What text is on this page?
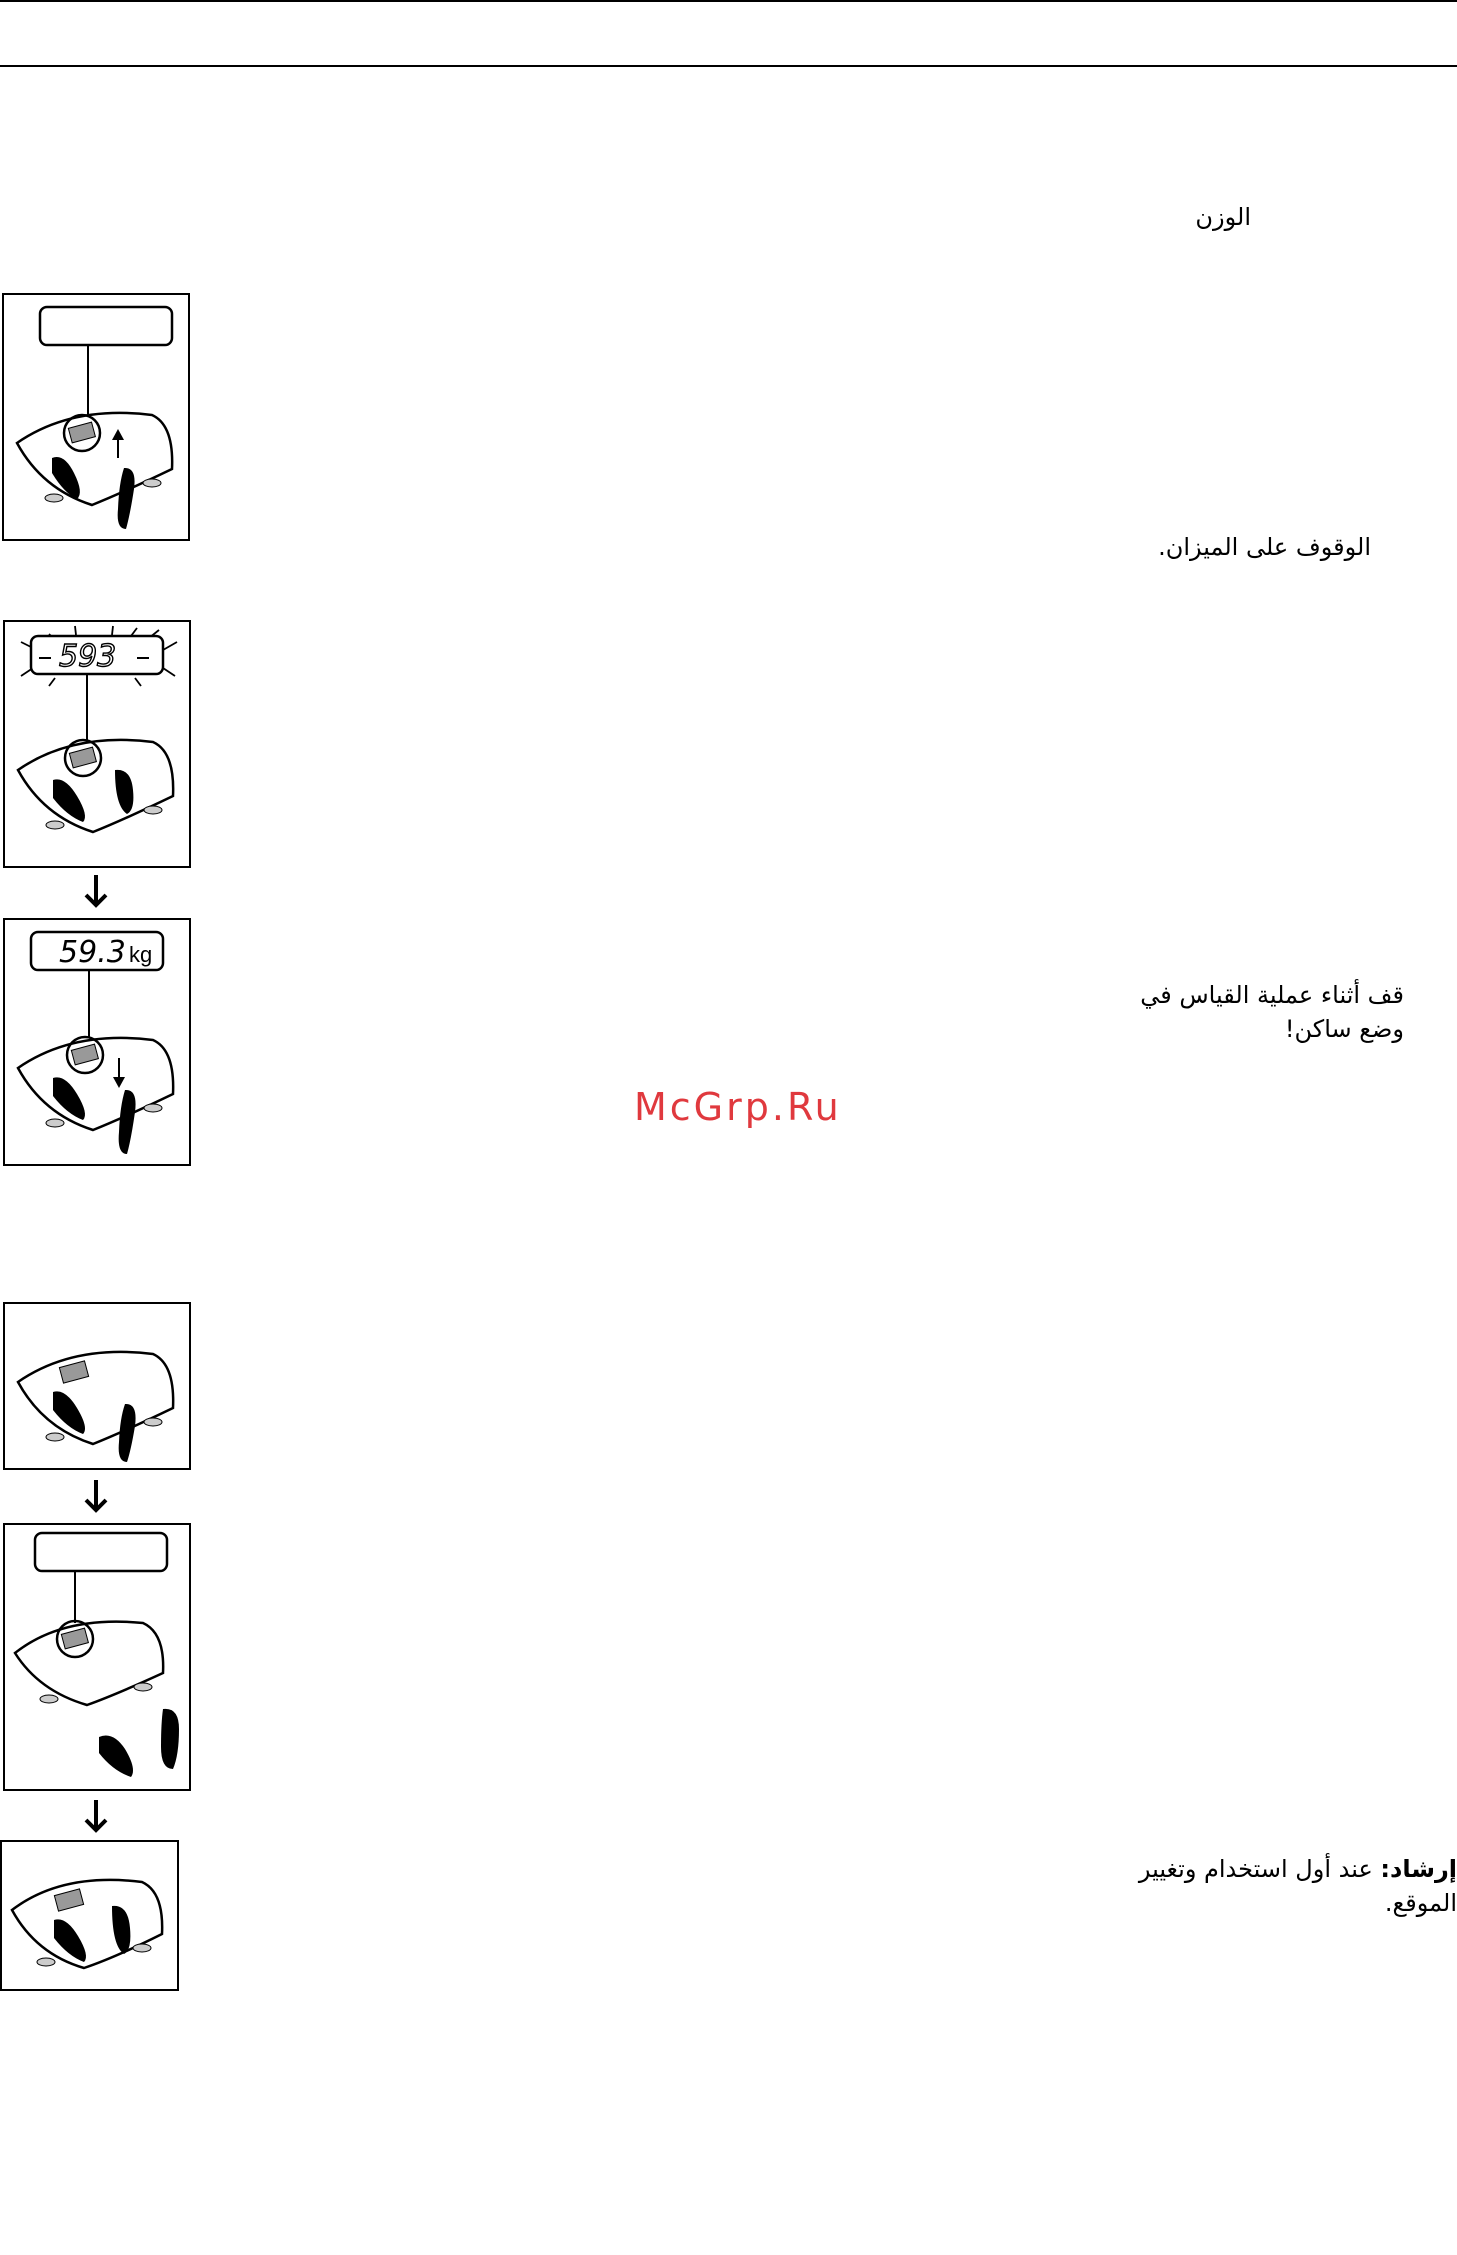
الوزن
الوقوف على الميزان.
قف أثناء عملية القياس في
وضع ساكن!
إرشاد: عند أول استخدام وتغيير
الموقع.
McGrp.Ru
593
59.3 kg
